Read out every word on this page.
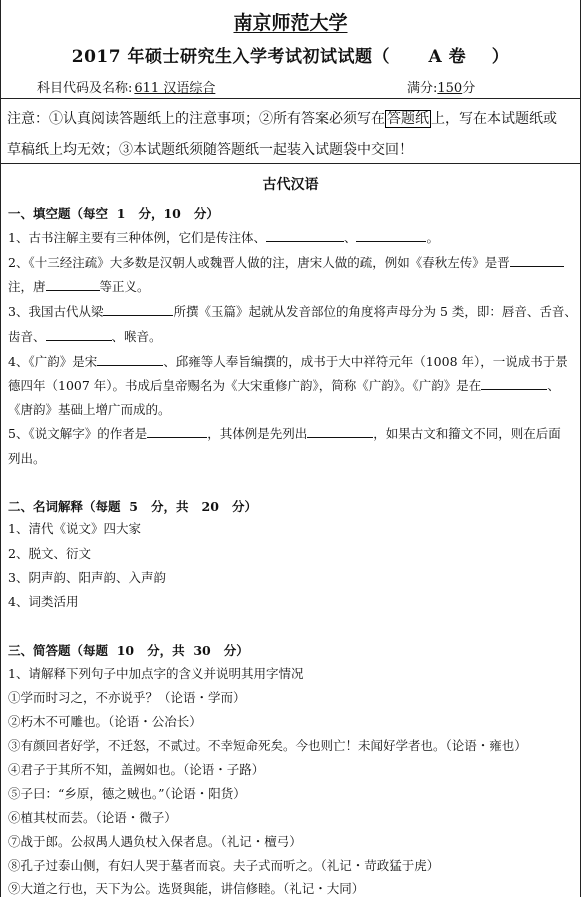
南京师范大学
2017 年硕士研究生入学考试初试试题（      A 卷    ）
科目代码及名称: 611 汉语综合	满分:150分
注意：①认真阅读答题纸上的注意事项；②所有答案必须写在 答题纸 上，写在本试题纸或
草稿纸上均无效；③本试题纸须随答题纸一起装入试题袋中交回！
古代汉语
一、填空题（每空  1   分，10   分）
1、古书注解主要有三种体例，它们是传注体、	、	。
2、《十三经注疏》大多数是汉朝人或魏晋人做的注，唐宋人做的疏，例如《春秋左传》是晋
注，唐	等正义。
3、我国古代从梁	所撰《玉篇》起就从发音部位的角度将声母分为 5 类，即：唇音、舌音、
齿音、	、喉音。
4、《广韵》是宋	、邱雍等人奉旨编撰的，成书于大中祥符元年（1008 年），一说成书于景
德四年（1007 年）。书成后皇帝赐名为《大宋重修广韵》，简称《广韵》。《广韵》是在	、
《唐韵》基础上增广而成的。
5、《说文解字》的作者是	，其体例是先列出	，如果古文和籀文不同，则在后面
列出。
二、名词解释（每题  5   分，共   20   分）
1、清代《说文》四大家
2、脱文、衍文
3、阴声韵、阳声韵、入声韵
4、词类活用
三、简答题（每题  10   分，共  30   分）
1、请解释下列句子中加点字的含义并说明其用字情况
①学而时习之，不亦说乎？（论语・学而）
②朽木不可雕也。（论语・公冶长）
③有颜回者好学，不迁怒，不贰过。不幸短命死矣。今也则亡！未闻好学者也。（论语・雍也）
④君子于其所不知，盖阙如也。（论语・子路）
⑤子曰：“乡原，德之贼也。”（论语・阳货）
⑥植其杖而芸。（论语・微子）
⑦战于郎。公叔禺人遇负杖入保者息。（礼记・檀弓）
⑧孔子过泰山侧，有妇人哭于墓者而哀。夫子式而听之。（礼记・苛政猛于虎）
⑨大道之行也，天下为公。选贤與能，讲信修睦。（礼记・大同）
